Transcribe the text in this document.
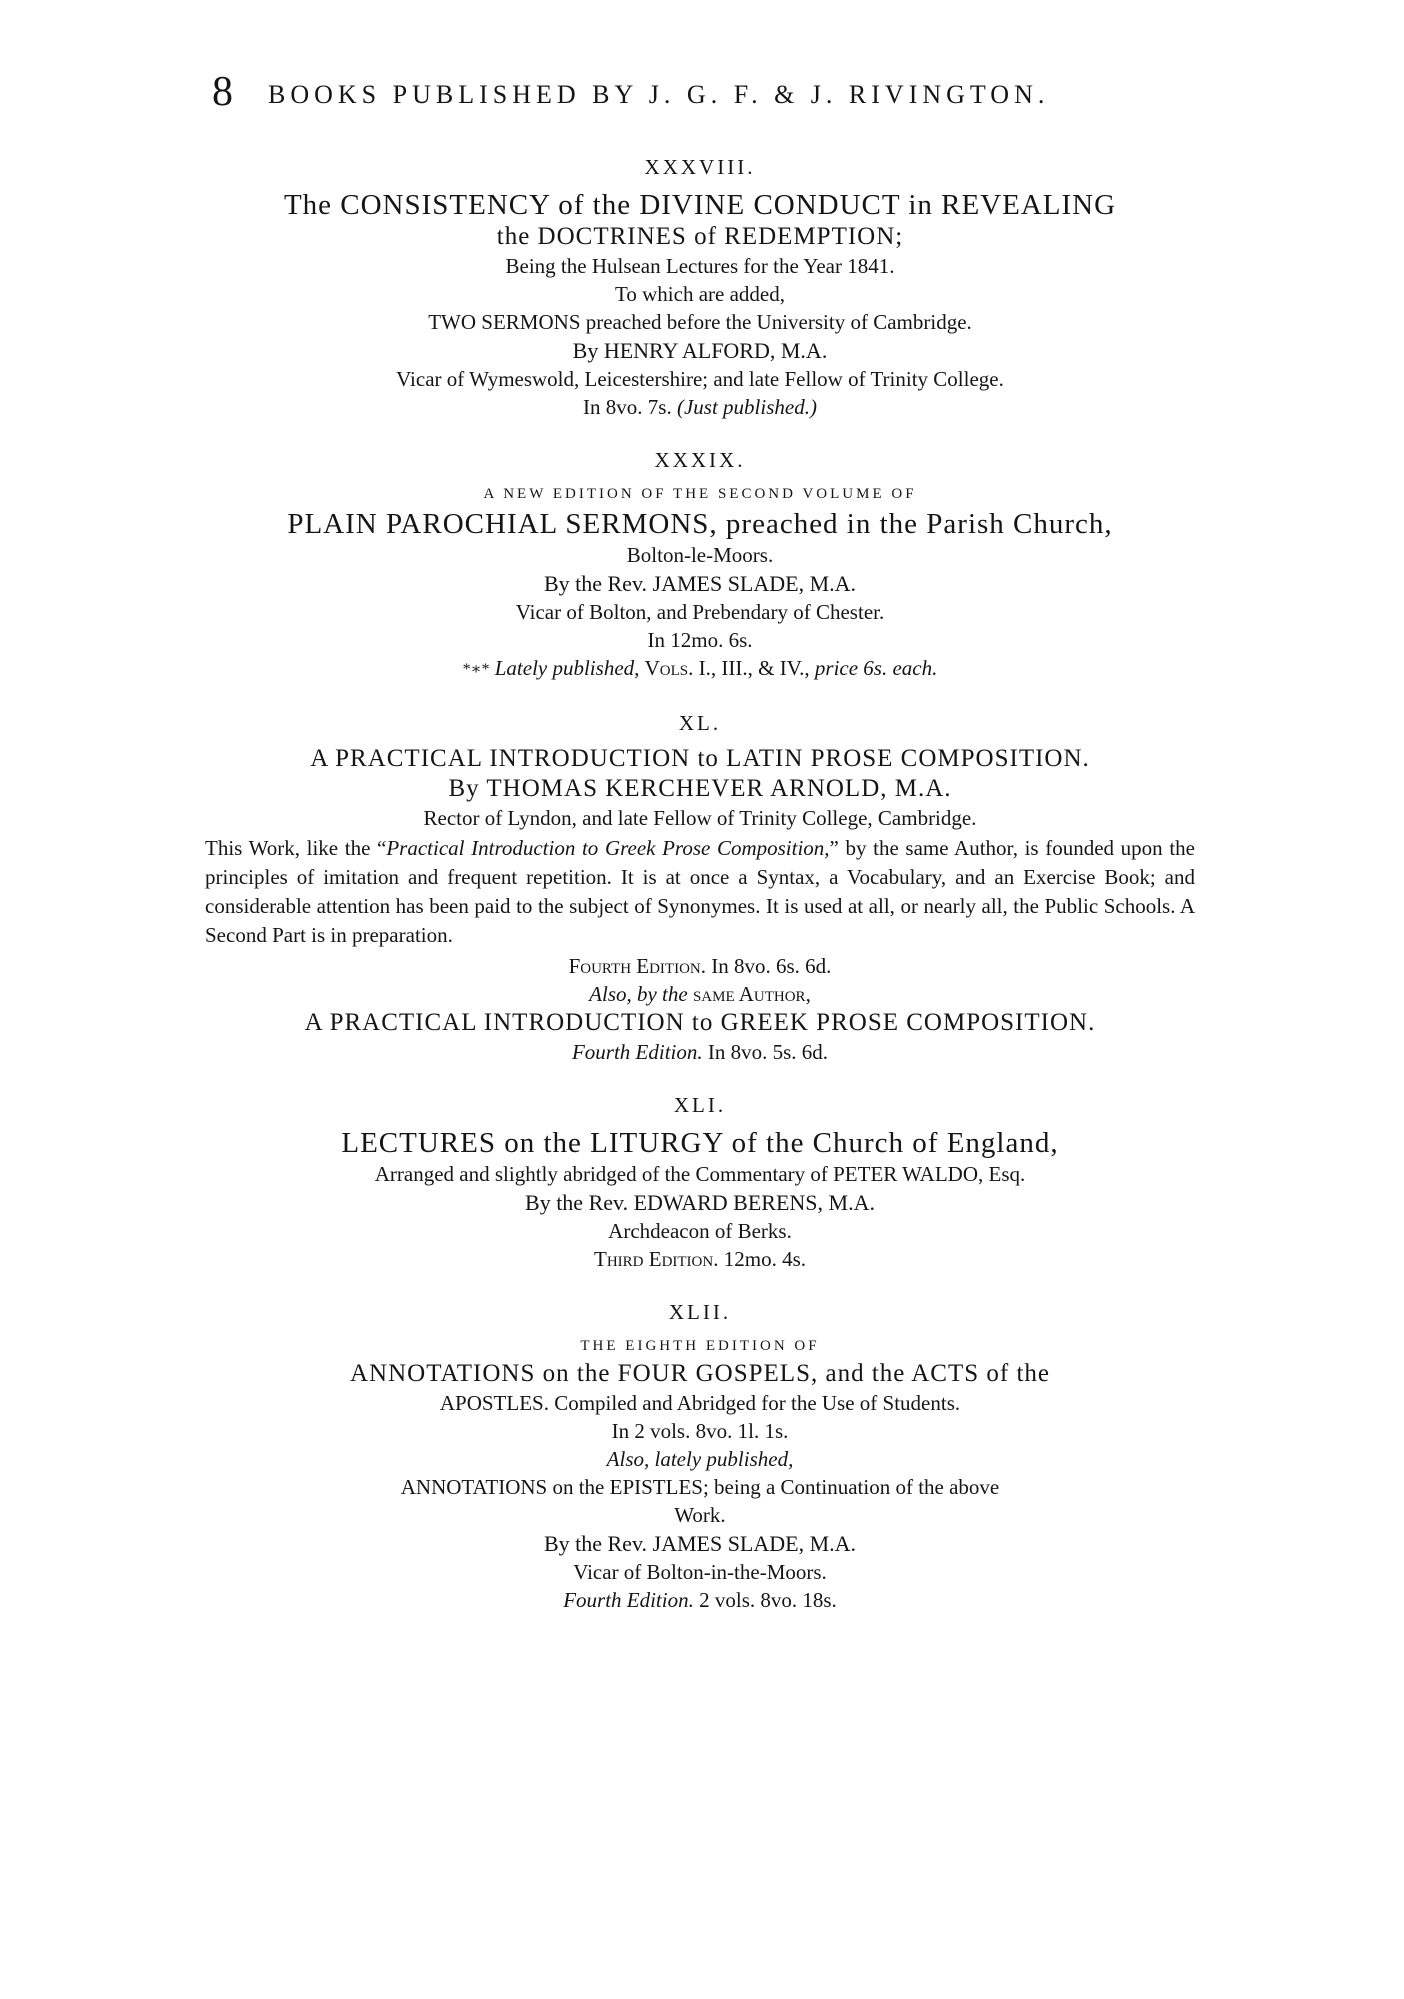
8 BOOKS PUBLISHED BY J. G. F. & J. RIVINGTON.
XXXVIII.
The CONSISTENCY of the DIVINE CONDUCT in REVEALING
the DOCTRINES of REDEMPTION;
Being the Hulsean Lectures for the Year 1841.
To which are added,
TWO SERMONS preached before the University of Cambridge.
By HENRY ALFORD, M.A.
Vicar of Wymeswold, Leicestershire; and late Fellow of Trinity College.
In 8vo. 7s. (Just published.)
XXXIX.
A NEW EDITION OF THE SECOND VOLUME OF
PLAIN PAROCHIAL SERMONS, preached in the Parish Church,
Bolton-le-Moors.
By the Rev. JAMES SLADE, M.A.
Vicar of Bolton, and Prebendary of Chester.
In 12mo. 6s.
*∗* Lately published, Vols. I., III., & IV., price 6s. each.
XL.
A PRACTICAL INTRODUCTION to LATIN PROSE COMPOSITION.
By THOMAS KERCHEVER ARNOLD, M.A.
Rector of Lyndon, and late Fellow of Trinity College, Cambridge.
This Work, like the “Practical Introduction to Greek Prose Composition,” by the same Author, is founded upon the principles of imitation and frequent repetition. It is at once a Syntax, a Vocabulary, and an Exercise Book; and considerable attention has been paid to the subject of Synonymes. It is used at all, or nearly all, the Public Schools. A Second Part is in preparation.
Fourth Edition. In 8vo. 6s. 6d.
Also, by the same Author,
A PRACTICAL INTRODUCTION to GREEK PROSE COMPOSITION.
Fourth Edition. In 8vo. 5s. 6d.
XLI.
LECTURES on the LITURGY of the Church of England,
Arranged and slightly abridged of the Commentary of PETER WALDO, Esq.
By the Rev. EDWARD BERENS, M.A.
Archdeacon of Berks.
Third Edition. 12mo. 4s.
XLII.
THE EIGHTH EDITION OF
ANNOTATIONS on the FOUR GOSPELS, and the ACTS of the
APOSTLES. Compiled and Abridged for the Use of Students.
In 2 vols. 8vo. 1l. 1s.
Also, lately published,
ANNOTATIONS on the EPISTLES; being a Continuation of the above
Work.
By the Rev. JAMES SLADE, M.A.
Vicar of Bolton-in-the-Moors.
Fourth Edition. 2 vols. 8vo. 18s.
